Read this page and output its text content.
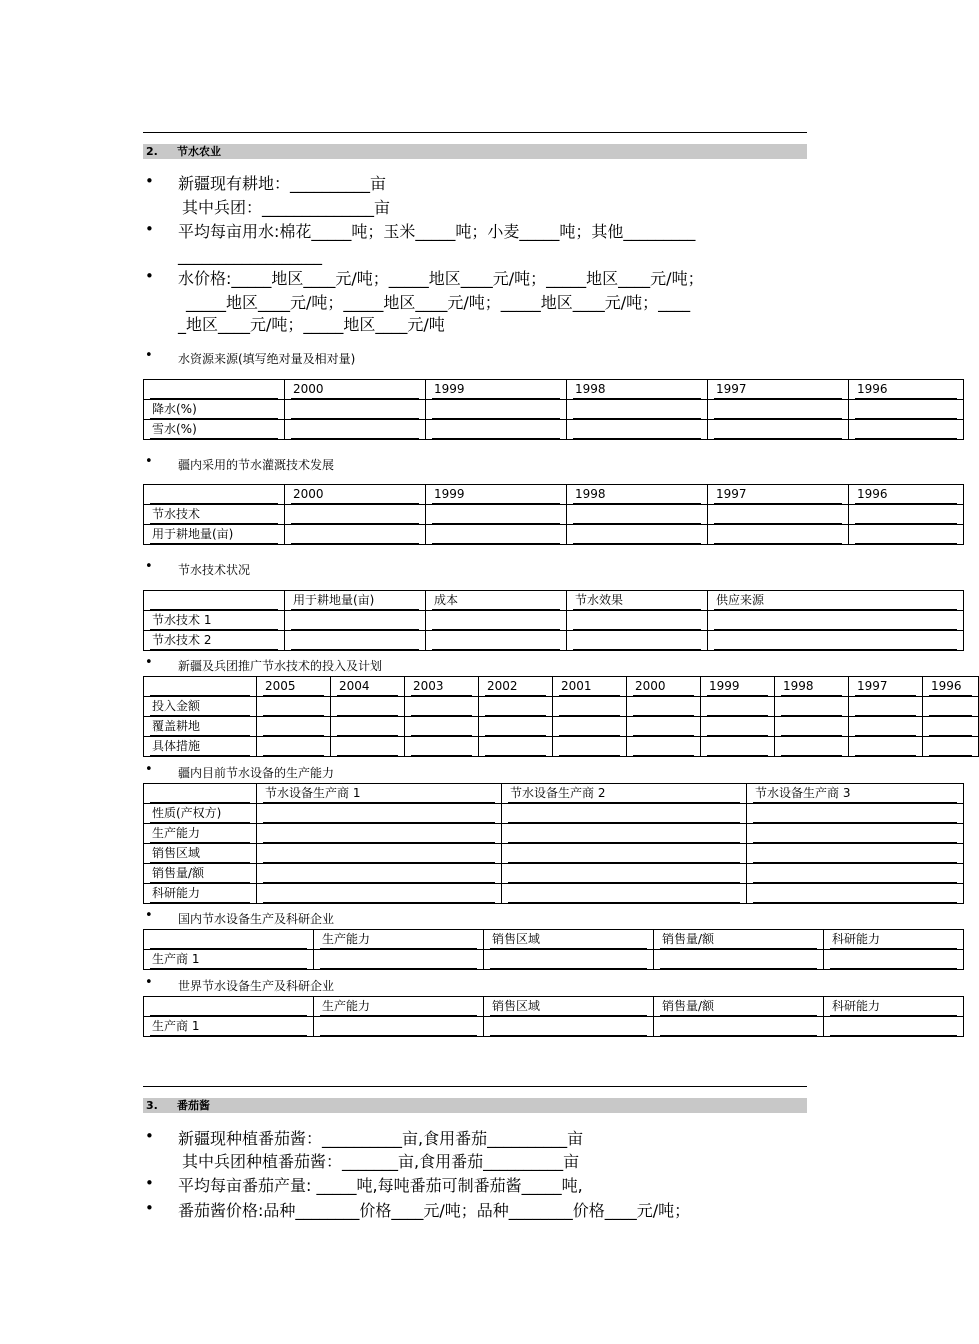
2. 节水农业
• 新疆现有耕地：__________亩
其中兵团：______________亩
• 平均每亩用水:棉花_____吨；玉米_____吨；小麦_____吨；其他_________
__________________
• 水价格:_____地区____元/吨；_____地区____元/吨；_____地区____元/吨；
_____地区____元/吨；_____地区____元/吨；_____地区____元/吨；____
_地区____元/吨；_____地区____元/吨
• 水资源来源(填写绝对量及相对量)

	2000	1999	1998	1997	1996

降水(%)					

雪水(%)					

• 疆内采用的节水灌溉技术发展

	2000	1999	1998	1997	1996

节水技术					

用于耕地量(亩)					

• 节水技术状况

	用于耕地量(亩)	成本	节水效果	供应来源

节水技术 1				

节水技术 2				

• 新疆及兵团推广节水技术的投入及计划

	2005	2004	2003	2002	2001	2000	1999	1998	1997	1996

投入金额										

覆盖耕地										

具体措施										

• 疆内目前节水设备的生产能力

	节水设备生产商 1	节水设备生产商 2	节水设备生产商 3

性质(产权方)			

生产能力			

销售区域			

销售量/额			

科研能力			

• 国内节水设备生产及科研企业

	生产能力	销售区域	销售量/额	科研能力

生产商 1				

• 世界节水设备生产及科研企业

	生产能力	销售区域	销售量/额	科研能力

生产商 1				

3. 番茄酱
• 新疆现种植番茄酱：__________亩,食用番茄__________亩
其中兵团种植番茄酱：_______亩,食用番茄__________亩
• 平均每亩番茄产量: _____吨,每吨番茄可制番茄酱_____吨,
• 番茄酱价格:品种________价格____元/吨；品种________价格____元/吨；
